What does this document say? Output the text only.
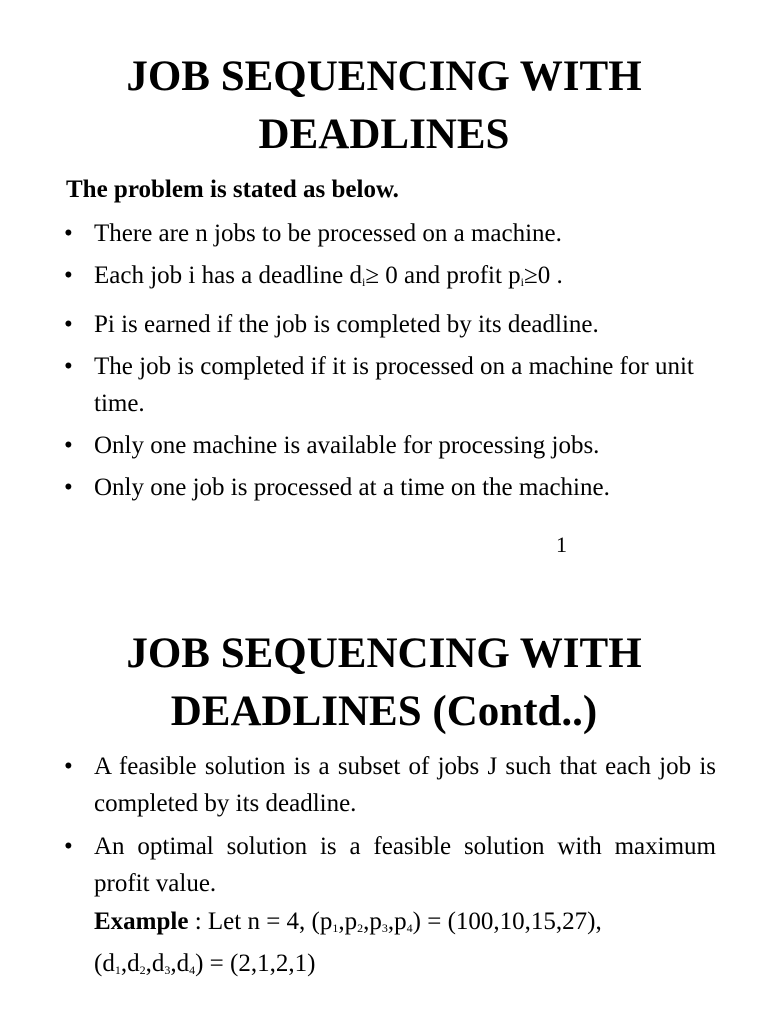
JOB SEQUENCING WITH
DEADLINES
The problem is stated as below.
• There are n jobs to be processed on a machine.
• Each job i has a deadline $d_i\ge 0$ and profit $p_i\ge 0$ .
• Pi is earned if the job is completed by its deadline.
• The job is completed if it is processed on a machine for unit time.
• Only one machine is available for processing jobs.
• Only one job is processed at a time on the machine.
1
JOB SEQUENCING WITH
DEADLINES (Contd..)
• A feasible solution is a subset of jobs J such that each job is completed by its deadline.
• An optimal solution is a feasible solution with maximum profit value.
Example : Let n = 4, $(p_1,p_2,p_3,p_4) = (100,10,15,27)$,
$(d_1,d_2,d_3,d_4) = (2,1,2,1)$
